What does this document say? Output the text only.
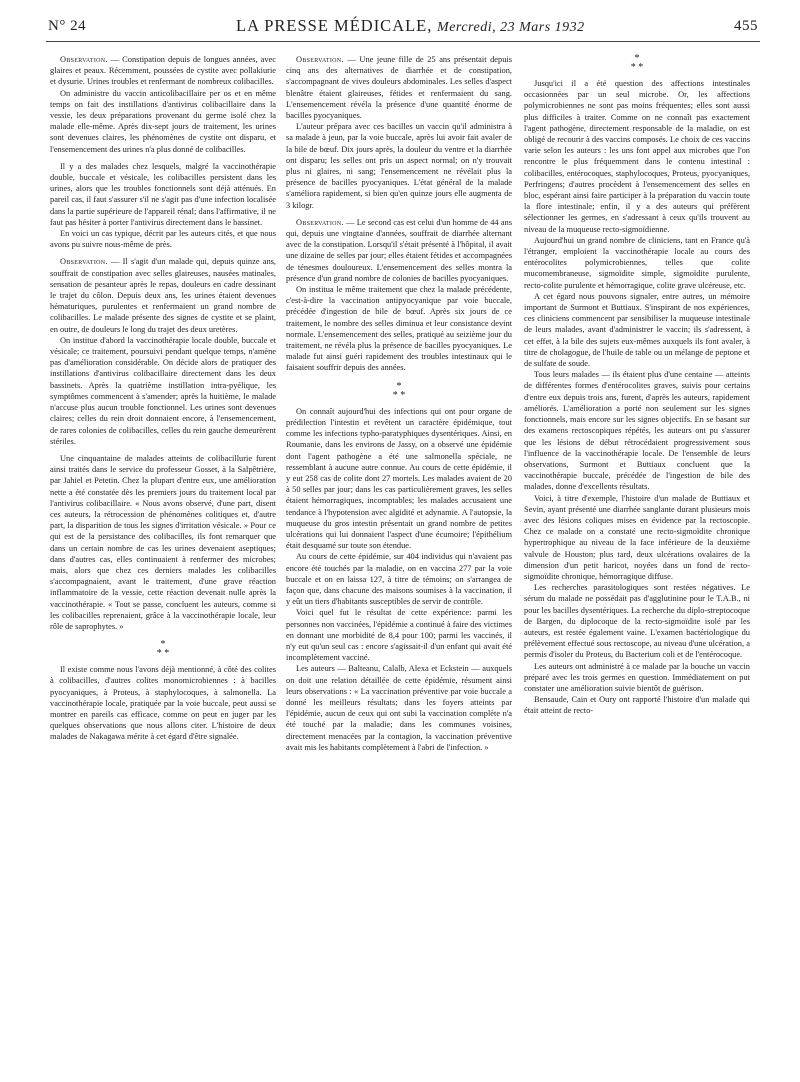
N° 24	LA PRESSE MÉDICALE, Mercredi, 23 Mars 1932	455

Observation. — Constipation depuis de longues années, avec glaires et peaux. Récemment, poussées de cystite avec pollakiurie et dysurie. Urines troubles et renfermant de nombreux colibacilles.

On administre du vaccin anticolibacillaire per os et en même temps on fait des instillations d'antivirus colibacillaire dans la vessie, les deux préparations provenant du germe isolé chez la malade elle-même. Après dix-sept jours de traitement, les urines sont devenues claires, les phénomènes de cystite ont disparu, et l'ensemencement des urines n'a plus donné de colibacilles.

Il y a des malades chez lesquels, malgré la vaccinothérapie double, buccale et vésicale, les colibacilles persistent dans les urines, alors que les troubles fonctionnels sont déjà atténués. En pareil cas, il faut s'assurer s'il ne s'agit pas d'une infection localisée dans la partie supérieure de l'appareil rénal; dans l'affirmative, il ne faut pas hésiter à porter l'antivirus directement dans le bassinet.

En voici un cas typique, décrit par les auteurs cités, et que nous avons pu suivre nous-même de près.

Observation. — Il s'agit d'un malade qui, depuis quinze ans, souffrait de constipation avec selles glaireuses, nausées matinales, sensation de pesanteur après le repas, douleurs en cadre dessinant le trajet du côlon. Depuis deux ans, les urines étaient devenues hématuriques, purulentes et renfermaient un grand nombre de colibacilles. Le malade présente des signes de cystite et se plaint, en outre, de douleurs le long du trajet des deux uretères.

On institue d'abord la vaccinothérapie locale double, buccale et vésicale; ce traitement, poursuivi pendant quelque temps, n'amène pas d'amélioration considérable. On décide alors de pratiquer des instillations d'antivirus colibacillaire directement dans les deux bassinets. Après la quatrième instillation intra-pyélique, les symptômes commencent à s'amender; après la huitième, le malade n'accuse plus aucun trouble fonctionnel. Les urines sont devenues claires; celles du rein droit donnaient encore, à l'ensemencement, de rares colonies de colibacilles, celles du rein gauche demeurèrent stériles.

Une cinquantaine de malades atteints de colibacillurie furent ainsi traités dans le service du professeur Gosset, à la Salpêtrière, par Jahiel et Petetin. Chez la plupart d'entre eux, une amélioration nette a été constatée dès les premiers jours du traitement local par l'antivirus colibacillaire. « Nous avons observé, d'une part, disent ces auteurs, la rétrocession de phénomènes colitiques et, d'autre part, la disparition de tous les signes d'irritation vésicale. » Pour ce qui est de la persistance des colibacilles, ils font remarquer que dans un certain nombre de cas les urines devenaient aseptiques; dans d'autres cas, elles continuaient à renfermer des microbes; mais, alors que chez ces derniers malades les colibacilles s'accompagnaient, avant le traitement, d'une grave réaction inflammatoire de la vessie, cette réaction devenait nulle après la vaccinothérapie. « Tout se passe, concluent les auteurs, comme si les colibacilles reprenaient, grâce à la vaccinothérapie locale, leur rôle de saprophytes. »

*
* *

Il existe comme nous l'avons déjà mentionné, à côté des colites à colibacilles, d'autres colites monomicrobiennes : à bacilles pyocyaniques, à Proteus, à staphylocoques, à salmonella. La vaccinothérapie locale, pratiquée par la voie buccale, peut aussi se montrer en pareils cas efficace, comme on peut en juger par les quelques observations que nous allons citer. L'histoire de deux malades de Nakagawa mérite à cet égard d'être signalée.

Observation. — Une jeune fille de 25 ans présentait depuis cinq ans des alternatives de diarrhée et de constipation, s'accompagnant de vives douleurs abdominales. Les selles d'aspect blenâtre étaient glaireuses, fétides et renfermaient du sang. L'ensemencement révéla la présence d'une quantité énorme de bacilles pyocyaniques.

L'auteur prépara avec ces bacilles un vaccin qu'il administra à sa malade à jeun, par la voie buccale, après lui avoir fait avaler de la bile de bœuf. Dix jours après, la douleur du ventre et la diarrhée ont disparu; les selles ont pris un aspect normal; on n'y trouvait plus ni glaires, ni sang; l'ensemencement ne révélait plus la présence de bacilles pyocyaniques. L'état général de la malade s'améliora rapidement, si bien qu'en quinze jours elle augmenta de 3 kilogr.

Observation. — Le second cas est celui d'un homme de 44 ans qui, depuis une vingtaine d'années, souffrait de diarrhée alternant avec de la constipation. Lorsqu'il s'était présenté à l'hôpital, il avait une dizaine de selles par jour; elles étaient fétides et accompagnées de ténesmes douloureux. L'ensemencement des selles montra la présence d'un grand nombre de colonies de bacilles pyocyaniques.

On institua le même traitement que chez la malade précédente, c'est-à-dire la vaccination antipyocyanique par voie buccale, précédée d'ingestion de bile de bœuf. Après six jours de ce traitement, le nombre des selles diminua et leur consistance devint normale. L'ensemencement des selles, pratiqué au seizième jour du traitement, ne révéla plus la présence de bacilles pyocyaniques. Le malade fut ainsi guéri rapidement des troubles intestinaux qui le faisaient souffrir depuis des années.

*
* *

On connaît aujourd'hui des infections qui ont pour organe de prédilection l'intestin et revêtent un caractère épidémique, tout comme les infections typho-paratyphiques dysentériques. Ainsi, en Roumanie, dans les environs de Jassy, on a observé une épidémie dont l'agent pathogène a été une salmonella spéciale, ne ressemblant à aucune autre connue. Au cours de cette épidémie, il y eut 258 cas de colite dont 27 mortels. Les malades avaient de 20 à 50 selles par jour; dans les cas particulièrement graves, les selles étaient hémorragiques, incomptables; les malades accusaient une tendance à l'hypotension avec algidité et adynamie. A l'autopsie, la muqueuse du gros intestin présentait un grand nombre de petites ulcérations qui lui donnaient l'aspect d'une écumoire; l'épithélium était desquamé sur toute son étendue.

Au cours de cette épidémie, sur 404 individus qui n'avaient pas encore été touchés par la maladie, on en vaccina 277 par la voie buccale et on en laissa 127, à titre de témoins; on s'arrangea de façon que, dans chacune des maisons soumises à la vaccination, il y eût un tiers d'habitants susceptibles de servir de contrôle.

Voici quel fut le résultat de cette expérience: parmi les personnes non vaccinées, l'épidémie a continué à faire des victimes en donnant une morbidité de 8,4 pour 100; parmi les vaccinés, il n'y eut qu'un seul cas : encore s'agissait-il d'un enfant qui avait été incomplètement vacciné.

Les auteurs — Balteanu, Calalb, Alexa et Eckstein — auxquels on doit une relation détaillée de cette épidémie, résument ainsi leurs observations : « La vaccination préventive par voie buccale a donné les meilleurs résultats; dans les foyers atteints par l'épidémie, aucun de ceux qui ont subi la vaccination complète n'a été touché par la maladie; dans les communes voisines, directement menacées par la contagion, la vaccination préventive avait mis les habitants complètement à l'abri de l'infection. »

*
* *

Jusqu'ici il a été question des affections intestinales occasionnées par un seul microbe. Or, les affections polymicrobiennes ne sont pas moins fréquentes; elles sont aussi plus difficiles à traiter. Comme on ne connaît pas exactement l'agent pathogène, directement responsable de la maladie, on est obligé de recourir à des vaccins composés. Le choix de ces vaccins varie selon les auteurs : les uns font appel aux microbes que l'on rencontre le plus fréquemment dans le contenu intestinal : colibacilles, entérocoques, staphylocoques, Proteus, pyocyaniques, Perfringens; d'autres procèdent à l'ensemencement des selles en bloc, espérant ainsi faire participer à la préparation du vaccin toute la flore intestinale; enfin, il y a des auteurs qui préfèrent sélectionner les germes, en s'adressant à ceux qu'ils trouvent au niveau de la muqueuse recto-sigmoïdienne.

Aujourd'hui un grand nombre de cliniciens, tant en France qu'à l'étranger, emploient la vaccinothérapie locale au cours des entérocolites polymicrobiennes, telles que colite mucomembraneuse, sigmoïdite simple, sigmoïdite purulente, recto-colite purulente et hémorragique, colite grave ulcéreuse, etc.

A cet égard nous pouvons signaler, entre autres, un mémoire important de Surmont et Buttiaux. S'inspirant de nos expériences, ces cliniciens commencent par sensibiliser la muqueuse intestinale de leurs malades, avant d'administrer le vaccin; ils s'adressent, à cet effet, à la bile des sujets eux-mêmes auxquels ils font avaler, à titre de cholagogue, de l'huile de table ou un mélange de peptone et de sulfate de soude.

Tous leurs malades — ils étaient plus d'une centaine — atteints de différentes formes d'entérocolites graves, suivis pour certains d'entre eux depuis trois ans, furent, d'après les auteurs, rapidement améliorés. L'amélioration a porté non seulement sur les signes fonctionnels, mais encore sur les signes objectifs. En se basant sur des examens rectoscopiques répétés, les auteurs ont pu s'assurer que les lésions de début rétrocédaient progressivement sous l'influence de la vaccinothérapie locale. De l'ensemble de leurs observations, Surmont et Buttiaux concluent que la vaccinothérapie buccale, précédée de l'ingestion de bile des malades, donne d'excellents résultats.

Voici, à titre d'exemple, l'histoire d'un malade de Buttiaux et Sevin, ayant présenté une diarrhée sanglante durant plusieurs mois avec des lésions coliques mises en évidence par la rectoscopie. Chez ce malade on a constaté une recto-sigmoïdite chronique hypertrophique au niveau de la face inférieure de la deuxième valvule de Houston; plus tard, deux ulcérations ovalaires de la dimension d'un petit haricot, noyées dans un fond de recto-sigmoïdite chronique, hémorragique diffuse.

Les recherches parasitologiques sont restées négatives. Le sérum du malade ne possédait pas d'agglutinine pour le T.A.B., ni pour les bacilles dysentériques. La recherche du diplo-streptocoque de Bargen, du diplocoque de la recto-sigmoïdite isolé par les auteurs, est restée également vaine. L'examen bactériologique du prélèvement effectué sous rectoscope, au niveau d'une ulcération, a permis d'isoler du Proteus, du Bacterium coli et de l'entérocoque.

Les auteurs ont administré à ce malade par la bouche un vaccin préparé avec les trois germes en question. Immédiatement on put constater une amélioration suivie bientôt de guérison.

Bensaude, Cain et Oury ont rapporté l'histoire d'un malade qui était atteint de recto-
